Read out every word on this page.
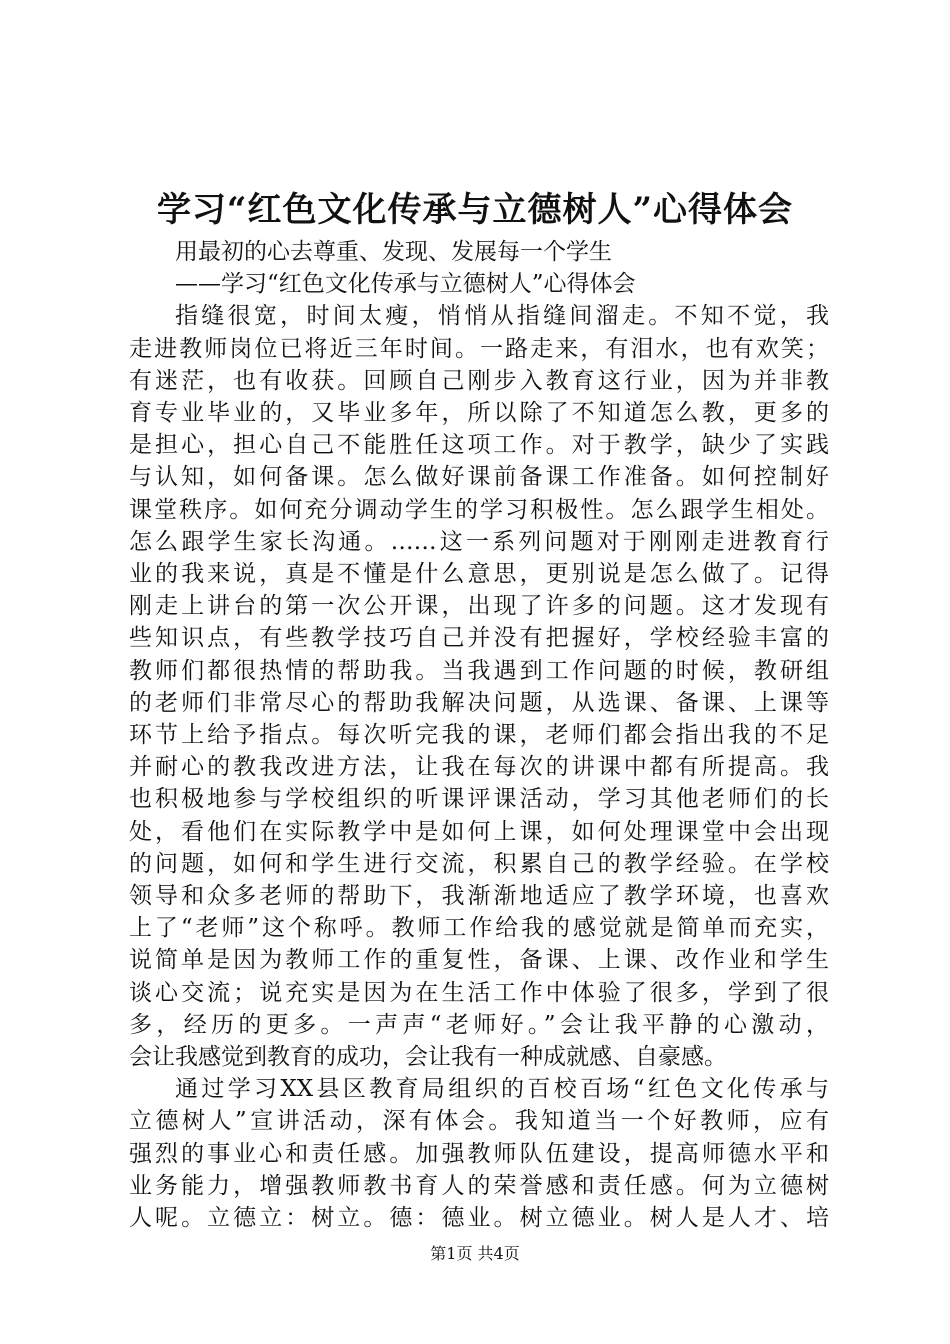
学习“红色文化传承与立德树人”心得体会
用最初的心去尊重、发现、发展每一个学生
——学习“红色文化传承与立德树人”心得体会
指缝很宽，时间太瘦，悄悄从指缝间溜走。不知不觉，我
走进教师岗位已将近三年时间。一路走来，有泪水，也有欢笑；
有迷茫，也有收获。回顾自己刚步入教育这行业，因为并非教
育专业毕业的，又毕业多年，所以除了不知道怎么教，更多的
是担心，担心自己不能胜任这项工作。对于教学，缺少了实践
与认知，如何备课。怎么做好课前备课工作准备。如何控制好
课堂秩序。如何充分调动学生的学习积极性。怎么跟学生相处。
怎么跟学生家长沟通。……这一系列问题对于刚刚走进教育行
业的我来说，真是不懂是什么意思，更别说是怎么做了。记得
刚走上讲台的第一次公开课，出现了许多的问题。这才发现有
些知识点，有些教学技巧自己并没有把握好，学校经验丰富的
教师们都很热情的帮助我。当我遇到工作问题的时候，教研组
的老师们非常尽心的帮助我解决问题，从选课、备课、上课等
环节上给予指点。每次听完我的课，老师们都会指出我的不足
并耐心的教我改进方法，让我在每次的讲课中都有所提高。我
也积极地参与学校组织的听课评课活动，学习其他老师们的长
处，看他们在实际教学中是如何上课，如何处理课堂中会出现
的问题，如何和学生进行交流，积累自己的教学经验。在学校
领导和众多老师的帮助下，我渐渐地适应了教学环境，也喜欢
上了“老师”这个称呼。教师工作给我的感觉就是简单而充实，
说简单是因为教师工作的重复性，备课、上课、改作业和学生
谈心交流；说充实是因为在生活工作中体验了很多，学到了很
多，经历的更多。一声声“老师好。”会让我平静的心激动，
会让我感觉到教育的成功，会让我有一种成就感、自豪感。
通过学习XX县区教育局组织的百校百场“红色文化传承与
立德树人”宣讲活动，深有体会。我知道当一个好教师，应有
强烈的事业心和责任感。加强教师队伍建设，提高师德水平和
业务能力，增强教师教书育人的荣誉感和责任感。何为立德树
人呢。立德立：树立。德：德业。树立德业。树人是人才、培
第1页 共4页
